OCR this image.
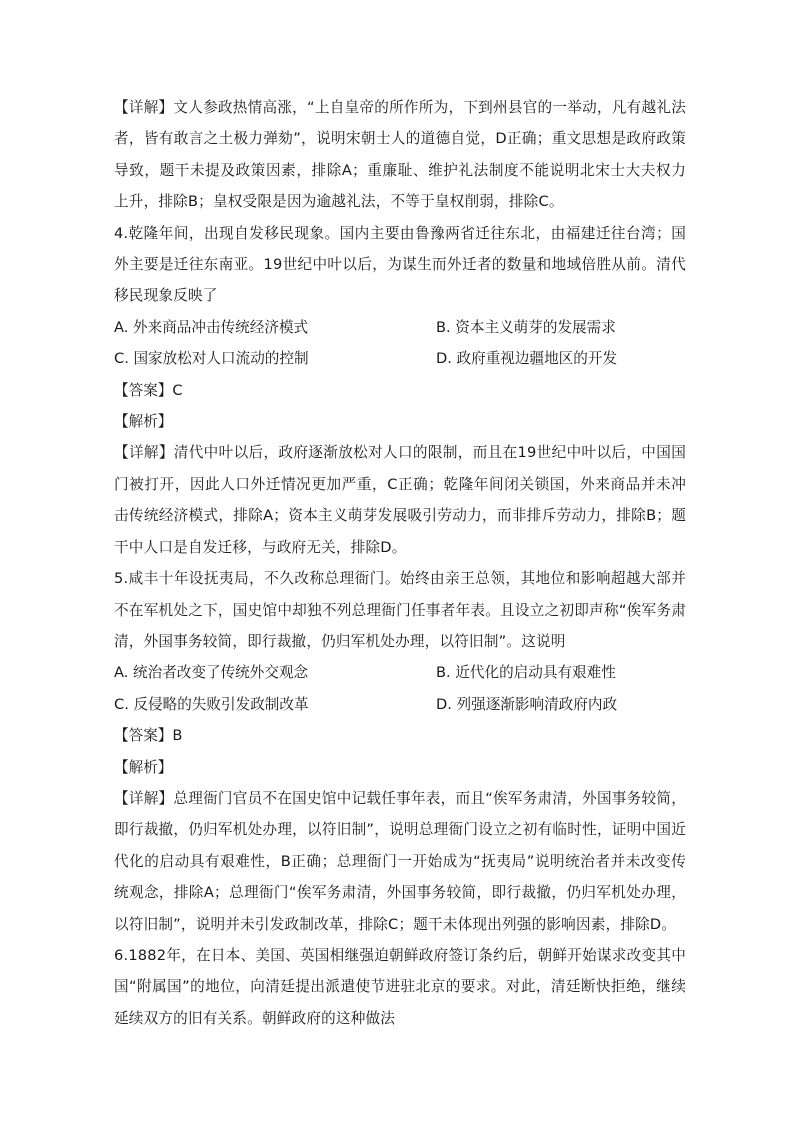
【详解】文人参政热情高涨，“上自皇帝的所作所为，下到州县官的一举动，凡有越礼法者，皆有敢言之土极力弹劾”，说明宋朝士人的道德自觉，D正确；重文思想是政府政策导致，题干未提及政策因素，排除A；重廉耻、维护礼法制度不能说明北宋士大夫权力上升，排除B；皇权受限是因为逾越礼法，不等于皇权削弱，排除C。

4.乾隆年间，出现自发移民现象。国内主要由鲁豫两省迁往东北，由福建迁往台湾；国外主要是迁往东南亚。19世纪中叶以后，为谋生而外迁者的数量和地域倍胜从前。清代移民现象反映了

A. 外来商品冲击传统经济模式	B. 资本主义萌芽的发展需求
C. 国家放松对人口流动的控制	D. 政府重视边疆地区的开发

【答案】C

【解析】

【详解】清代中叶以后，政府逐渐放松对人口的限制，而且在19世纪中叶以后，中国国门被打开，因此人口外迁情况更加严重，C正确；乾隆年间闭关锁国，外来商品并未冲击传统经济模式，排除A；资本主义萌芽发展吸引劳动力，而非排斥劳动力，排除B；题干中人口是自发迁移，与政府无关，排除D。

5.咸丰十年设抚夷局，不久改称总理衙门。始终由亲王总领，其地位和影响超越大部并不在军机处之下，国史馆中却独不列总理衙门任事者年表。且设立之初即声称“俟军务肃清，外国事务较简，即行裁撤，仍归军机处办理，以符旧制”。这说明

A. 统治者改变了传统外交观念	B. 近代化的启动具有艰难性
C. 反侵略的失败引发政制改革	D. 列强逐渐影响清政府内政

【答案】B

【解析】

【详解】总理衙门官员不在国史馆中记载任事年表，而且“俟军务肃清，外国事务较简，即行裁撤，仍归军机处办理，以符旧制”，说明总理衙门设立之初有临时性，证明中国近代化的启动具有艰难性，B正确；总理衙门一开始成为“抚夷局”说明统治者并未改变传统观念，排除A；总理衙门“俟军务肃清，外国事务较简，即行裁撤，仍归军机处办理，以符旧制”，说明并未引发政制改革，排除C；题干未体现出列强的影响因素，排除D。

6.1882年，在日本、美国、英国相继强迫朝鲜政府签订条约后，朝鲜开始谋求改变其中国“附属国”的地位，向清廷提出派遣使节进驻北京的要求。对此，清廷断快拒绝，继续延续双方的旧有关系。朝鲜政府的这种做法
